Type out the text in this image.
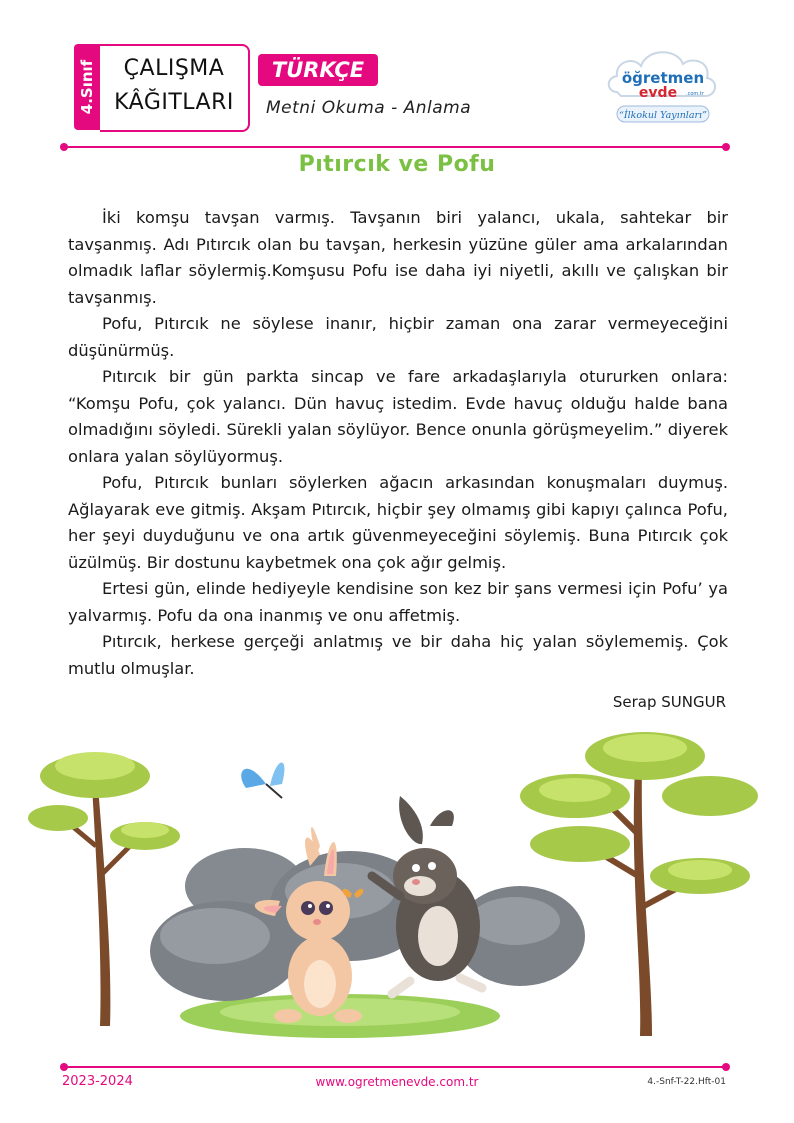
4.Sınıf	ÇALIŞMA
KÂĞITLARI
TÜRKÇE
Metni Okuma - Anlama
öğretmen
evde .com.tr
“İlkokul Yayınları”
Pıtırcık ve Pofu

İki komşu tavşan varmış. Tavşanın biri yalancı, ukala, sahtekar bir tavşanmış. Adı Pıtırcık olan bu tavşan, herkesin yüzüne güler ama arkalarından olmadık laflar söylermiş.Komşusu Pofu ise daha iyi niyetli, akıllı ve çalışkan bir tavşanmış.

Pofu, Pıtırcık ne söylese inanır, hiçbir zaman ona zarar vermeyeceğini düşünürmüş.

Pıtırcık bir gün parkta sincap ve fare arkadaşlarıyla otururken onlara: “Komşu Pofu, çok yalancı. Dün havuç istedim. Evde havuç olduğu halde bana olmadığını söyledi. Sürekli yalan söylüyor. Bence onunla görüşmeyelim.” diyerek onlara yalan söylüyormuş.

Pofu, Pıtırcık bunları söylerken ağacın arkasından konuşmaları duymuş. Ağlayarak eve gitmiş. Akşam Pıtırcık, hiçbir şey olmamış gibi kapıyı çalınca Pofu, her şeyi duyduğunu ve ona artık güvenmeyeceğini söylemiş. Buna Pıtırcık çok üzülmüş. Bir dostunu kaybetmek ona çok ağır gelmiş.

Ertesi gün, elinde hediyeyle kendisine son kez bir şans vermesi için Pofu’ ya yalvarmış. Pofu da ona inanmış ve onu affetmiş.

Pıtırcık, herkese gerçeği anlatmış ve bir daha hiç yalan söylememiş. Çok mutlu olmuşlar.

Serap SUNGUR
2023-2024	www.ogretmenevde.com.tr	4.-Snf-T-22.Hft-01
